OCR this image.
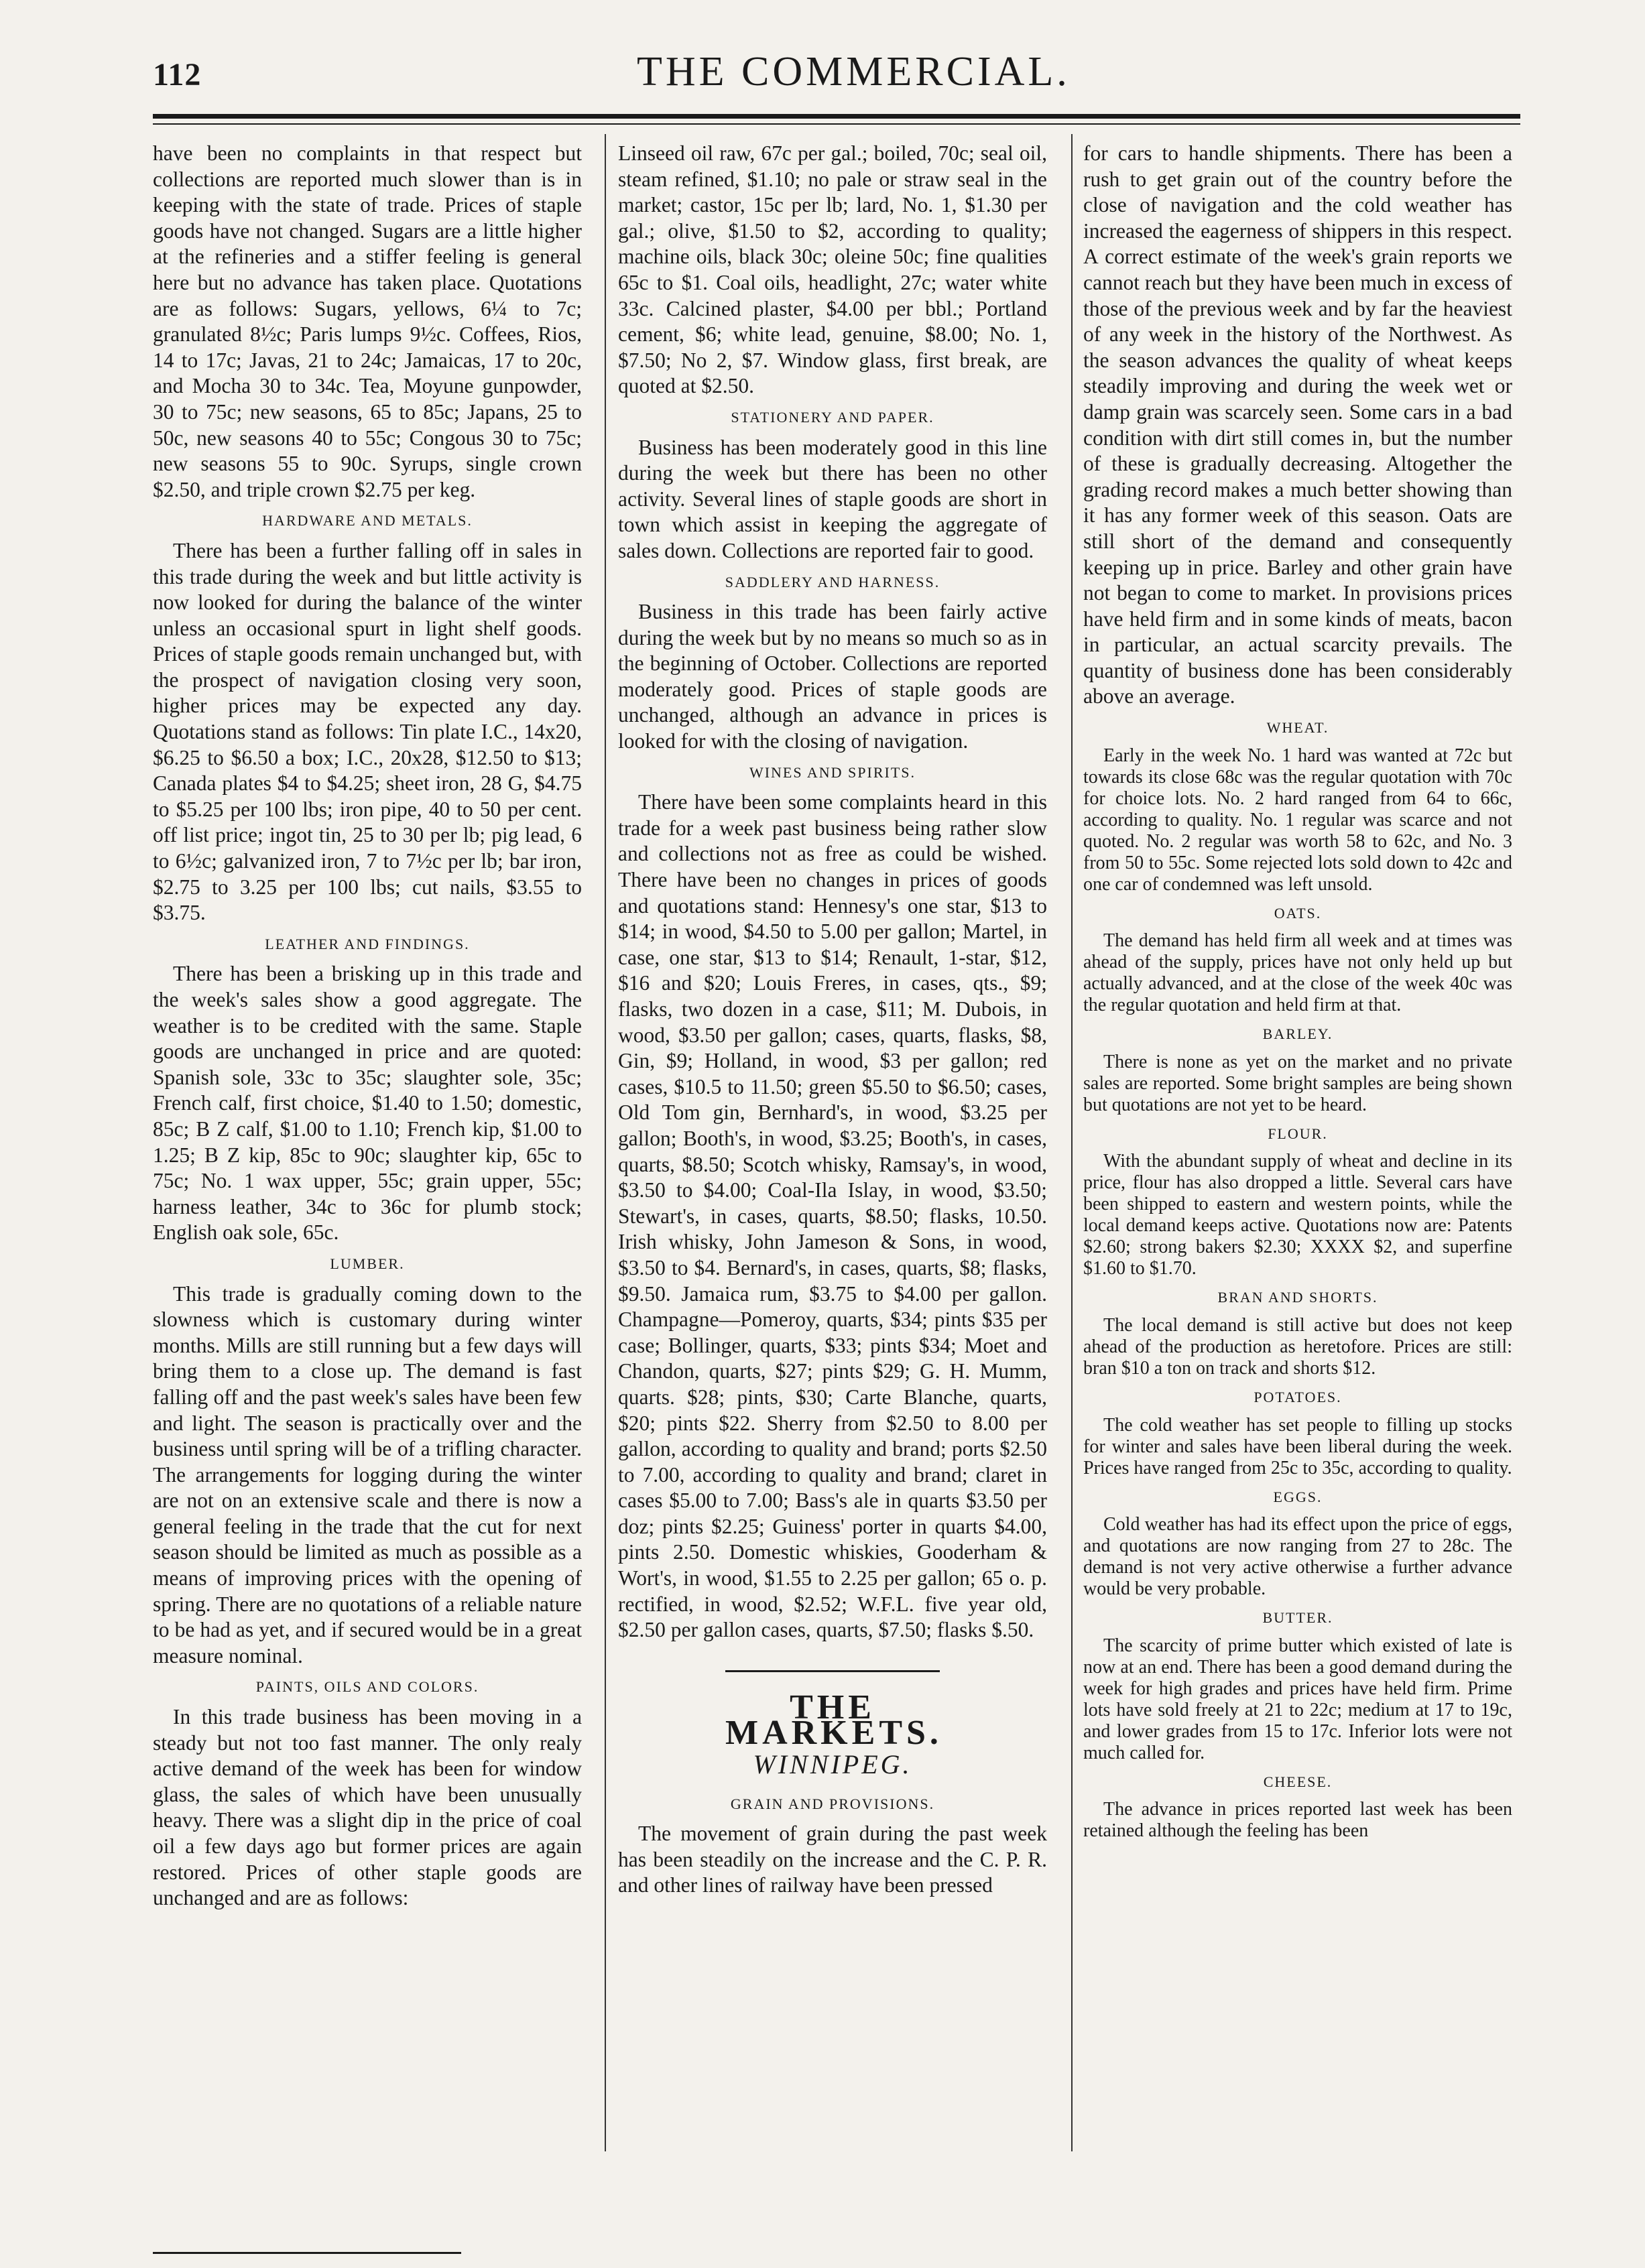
112	THE COMMERCIAL.

have been no complaints in that respect but collections are reported much slower than is in keeping with the state of trade. Prices of staple goods have not changed. Sugars are a little higher at the refineries and a stiffer feeling is general here but no advance has taken place. Quotations are as follows: Sugars, yellows, 6¼ to 7c; granulated 8½c; Paris lumps 9½c. Coffees, Rios, 14 to 17c; Javas, 21 to 24c; Jamaicas, 17 to 20c, and Mocha 30 to 34c. Tea, Moyune gunpowder, 30 to 75c; new seasons, 65 to 85c; Japans, 25 to 50c, new seasons 40 to 55c; Congous 30 to 75c; new seasons 55 to 90c. Syrups, single crown $2.50, and triple crown $2.75 per keg.

HARDWARE AND METALS.

There has been a further falling off in sales in this trade during the week and but little activity is now looked for during the balance of the winter unless an occasional spurt in light shelf goods. Prices of staple goods remain unchanged but, with the prospect of navigation closing very soon, higher prices may be expected any day. Quotations stand as follows: Tin plate I.C., 14x20, $6.25 to $6.50 a box; I.C., 20x28, $12.50 to $13; Canada plates $4 to $4.25; sheet iron, 28 G, $4.75 to $5.25 per 100 lbs; iron pipe, 40 to 50 per cent. off list price; ingot tin, 25 to 30 per lb; pig lead, 6 to 6½c; galvanized iron, 7 to 7½c per lb; bar iron, $2.75 to 3.25 per 100 lbs; cut nails, $3.55 to $3.75.

LEATHER AND FINDINGS.

There has been a brisking up in this trade and the week's sales show a good aggregate. The weather is to be credited with the same. Staple goods are unchanged in price and are quoted: Spanish sole, 33c to 35c; slaughter sole, 35c; French calf, first choice, $1.40 to 1.50; domestic, 85c; B Z calf, $1.00 to 1.10; French kip, $1.00 to 1.25; B Z kip, 85c to 90c; slaughter kip, 65c to 75c; No. 1 wax upper, 55c; grain upper, 55c; harness leather, 34c to 36c for plumb stock; English oak sole, 65c.

LUMBER.

This trade is gradually coming down to the slowness which is customary during winter months. Mills are still running but a few days will bring them to a close up. The demand is fast falling off and the past week's sales have been few and light. The season is practically over and the business until spring will be of a trifling character. The arrangements for logging during the winter are not on an extensive scale and there is now a general feeling in the trade that the cut for next season should be limited as much as possible as a means of improving prices with the opening of spring. There are no quotations of a reliable nature to be had as yet, and if secured would be in a great measure nominal.

PAINTS, OILS AND COLORS.

In this trade business has been moving in a steady but not too fast manner. The only realy active demand of the week has been for window glass, the sales of which have been unusually heavy. There was a slight dip in the price of coal oil a few days ago but former prices are again restored. Prices of other staple goods are unchanged and are as follows:

Linseed oil raw, 67c per gal.; boiled, 70c; seal oil, steam refined, $1.10; no pale or straw seal in the market; castor, 15c per lb; lard, No. 1, $1.30 per gal.; olive, $1.50 to $2, according to quality; machine oils, black 30c; oleine 50c; fine qualities 65c to $1. Coal oils, headlight, 27c; water white 33c. Calcined plaster, $4.00 per bbl.; Portland cement, $6; white lead, genuine, $8.00; No. 1, $7.50; No 2, $7. Window glass, first break, are quoted at $2.50.

STATIONERY AND PAPER.

Business has been moderately good in this line during the week but there has been no other activity. Several lines of staple goods are short in town which assist in keeping the aggregate of sales down. Collections are reported fair to good.

SADDLERY AND HARNESS.

Business in this trade has been fairly active during the week but by no means so much so as in the beginning of October. Collections are reported moderately good. Prices of staple goods are unchanged, although an advance in prices is looked for with the closing of navigation.

WINES AND SPIRITS.

There have been some complaints heard in this trade for a week past business being rather slow and collections not as free as could be wished. There have been no changes in prices of goods and quotations stand: Hennesy's one star, $13 to $14; in wood, $4.50 to 5.00 per gallon; Martel, in case, one star, $13 to $14; Renault, 1-star, $12, $16 and $20; Louis Freres, in cases, qts., $9; flasks, two dozen in a case, $11; M. Dubois, in wood, $3.50 per gallon; cases, quarts, flasks, $8, Gin, $9; Holland, in wood, $3 per gallon; red cases, $10.5 to 11.50; green $5.50 to $6.50; cases, Old Tom gin, Bernhard's, in wood, $3.25 per gallon; Booth's, in wood, $3.25; Booth's, in cases, quarts, $8.50; Scotch whisky, Ramsay's, in wood, $3.50 to $4.00; Coal-Ila Islay, in wood, $3.50; Stewart's, in cases, quarts, $8.50; flasks, 10.50. Irish whisky, John Jameson & Sons, in wood, $3.50 to $4. Bernard's, in cases, quarts, $8; flasks, $9.50. Jamaica rum, $3.75 to $4.00 per gallon. Champagne—Pomeroy, quarts, $34; pints $35 per case; Bollinger, quarts, $33; pints $34; Moet and Chandon, quarts, $27; pints $29; G. H. Mumm, quarts. $28; pints, $30; Carte Blanche, quarts, $20; pints $22. Sherry from $2.50 to 8.00 per gallon, according to quality and brand; ports $2.50 to 7.00, according to quality and brand; claret in cases $5.00 to 7.00; Bass's ale in quarts $3.50 per doz; pints $2.25; Guiness' porter in quarts $4.00, pints 2.50. Domestic whiskies, Gooderham & Wort's, in wood, $1.55 to 2.25 per gallon; 65 o. p. rectified, in wood, $2.52; W.F.L. five year old, $2.50 per gallon cases, quarts, $7.50; flasks $.50.

THE MARKETS.
WINNIPEG.
GRAIN AND PROVISIONS.

The movement of grain during the past week has been steadily on the increase and the C. P. R. and other lines of railway have been pressed

for cars to handle shipments. There has been a rush to get grain out of the country before the close of navigation and the cold weather has increased the eagerness of shippers in this respect. A correct estimate of the week's grain reports we cannot reach but they have been much in excess of those of the previous week and by far the heaviest of any week in the history of the Northwest. As the season advances the quality of wheat keeps steadily improving and during the week wet or damp grain was scarcely seen. Some cars in a bad condition with dirt still comes in, but the number of these is gradually decreasing. Altogether the grading record makes a much better showing than it has any former week of this season. Oats are still short of the demand and consequently keeping up in price. Barley and other grain have not began to come to market. In provisions prices have held firm and in some kinds of meats, bacon in particular, an actual scarcity prevails. The quantity of business done has been considerably above an average.

WHEAT.

Early in the week No. 1 hard was wanted at 72c but towards its close 68c was the regular quotation with 70c for choice lots. No. 2 hard ranged from 64 to 66c, according to quality. No. 1 regular was scarce and not quoted. No. 2 regular was worth 58 to 62c, and No. 3 from 50 to 55c. Some rejected lots sold down to 42c and one car of condemned was left unsold.

OATS.

The demand has held firm all week and at times was ahead of the supply, prices have not only held up but actually advanced, and at the close of the week 40c was the regular quotation and held firm at that.

BARLEY.

There is none as yet on the market and no private sales are reported. Some bright samples are being shown but quotations are not yet to be heard.

FLOUR.

With the abundant supply of wheat and decline in its price, flour has also dropped a little. Several cars have been shipped to eastern and western points, while the local demand keeps active. Quotations now are: Patents $2.60; strong bakers $2.30; XXXX $2, and superfine $1.60 to $1.70.

BRAN AND SHORTS.

The local demand is still active but does not keep ahead of the production as heretofore. Prices are still: bran $10 a ton on track and shorts $12.

POTATOES.

The cold weather has set people to filling up stocks for winter and sales have been liberal during the week. Prices have ranged from 25c to 35c, according to quality.

EGGS.

Cold weather has had its effect upon the price of eggs, and quotations are now ranging from 27 to 28c. The demand is not very active otherwise a further advance would be very probable.

BUTTER.

The scarcity of prime butter which existed of late is now at an end. There has been a good demand during the week for high grades and prices have held firm. Prime lots have sold freely at 21 to 22c; medium at 17 to 19c, and lower grades from 15 to 17c. Inferior lots were not much called for.

CHEESE.

The advance in prices reported last week has been retained although the feeling has been
